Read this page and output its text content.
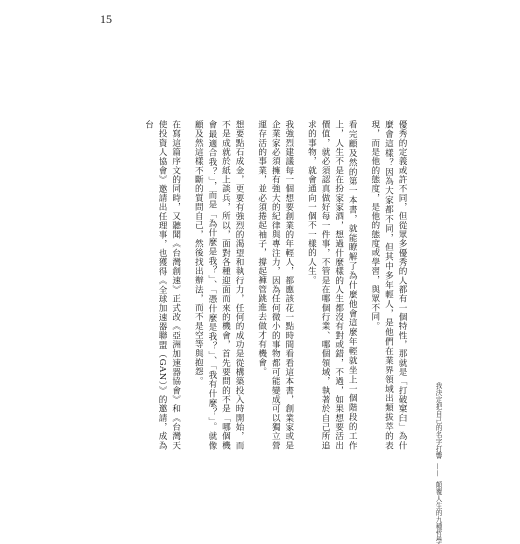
15

優秀的定義或許不同，但從眾多優秀的人都有一個特性，那就是「打破窠臼」為什麼會這樣？因為大家都不同，但其中多年輕人，是他們在業界領域出類拔萃的表現，而是他的態度，是他的態度或學習，與眾不同。

看完顧及然的第一本書，就能瞭解了為什麼他會這麼年輕就坐上一個階段的工作上，人生不是在扮家家酒，想過什麼樣的人生都沒有對或錯，不過，如果想要活出價值，就必須認真做好每一件事，不管是在哪個行業、哪個領域，執著於自己所追求的事物，就會通向一個不一樣的人生。

我強烈建議每一個想要創業的年輕人，都應該花一點時間看看這本書，創業家或是企業家必須擁有強大的紀律與專注力，因為任何微小的事物都可能變成可以獨立營運存活的事業，並必須捲起袖子，撐起褲管跳進去做才有機會。

想要點石成金，更要有強烈的渴望和執行力，任何的成功是從構築投入時開始，而不是成就於紙上談兵，所以，面對各種迎面而來的機會，首先要問的不是「哪個機會最適合我？」，而是「為什麼是我？」、「憑什麼是我？」、「我有什麼？」。就像顧及然這樣不斷的質問自己，然後找出辦法，而不是空等與抱怨。

在寫這篇序文的同時，又聽聞《台灣創速》正式改《亞洲加速器協會》和《台灣天使投資人協會》邀請出任理事，也獲得《全球加速器聯盟（GAN）》的邀請，成為台

我決定把自己的名字打響
——
顛覆人生的九種哲學
